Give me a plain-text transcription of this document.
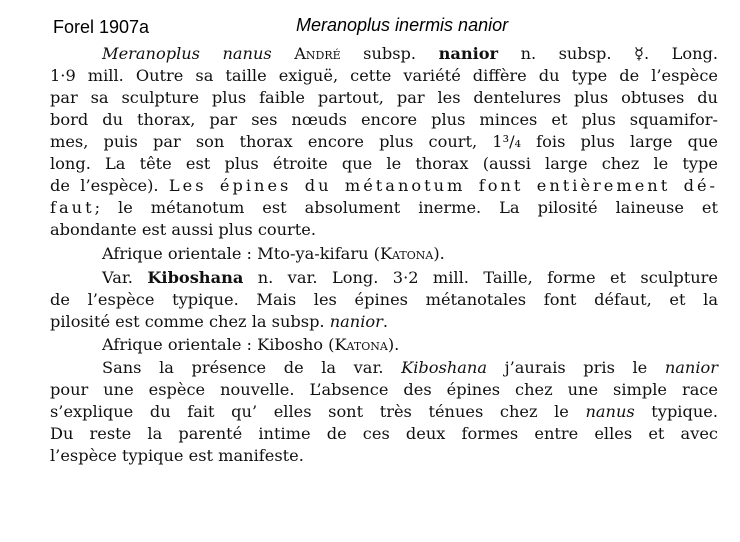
Forel 1907a	Meranoplus inermis nanior
Meranoplus nanus André subsp. nanior n. subsp. ☿. Long.
1·9 mill. Outre sa taille exiguë, cette variété diffère du type de l’espèce
par sa sculpture plus faible partout, par les dentelures plus obtuses du
bord du thorax, par ses nœuds encore plus minces et plus squamifor-
mes, puis par son thorax encore plus court, 1³/₄ fois plus large que
long. La tête est plus étroite que le thorax (aussi large chez le type
de l’espèce). Les épines du métanotum font entièrement dé-
faut; le métanotum est absolument inerme. La pilosité laineuse et
abondante est aussi plus courte.
Afrique orientale : Mto-ya-kifaru (Katona).
Var. Kiboshana n. var. Long. 3·2 mill. Taille, forme et sculpture
de l’espèce typique. Mais les épines métanotales font défaut, et la
pilosité est comme chez la subsp. nanior.
Afrique orientale : Kibosho (Katona).
Sans la présence de la var. Kiboshana j’aurais pris le nanior
pour une espèce nouvelle. L’absence des épines chez une simple race
s’explique du fait qu’ elles sont très ténues chez le nanus typique.
Du reste la parenté intime de ces deux formes entre elles et avec
l’espèce typique est manifeste.
